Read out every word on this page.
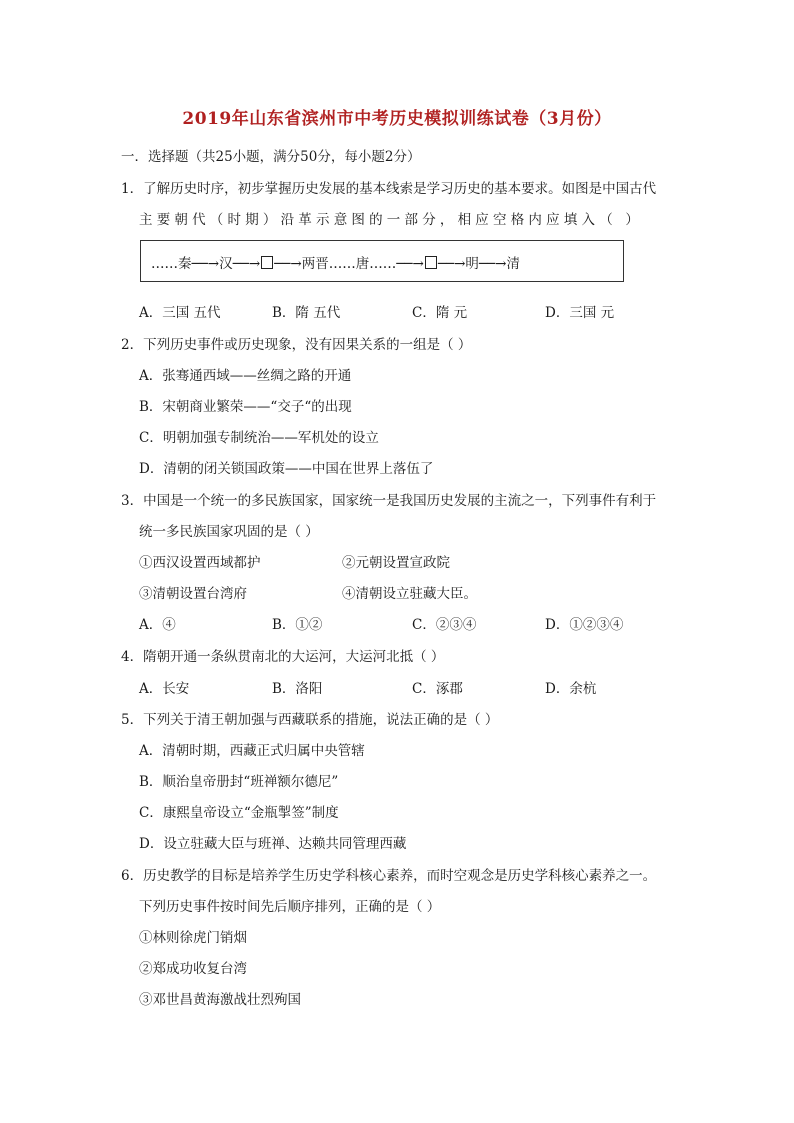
2019年山东省滨州市中考历史模拟训练试卷（3月份）
一．选择题（共25小题，满分50分，每小题2分）
1．了解历史时序，初步掌握历史发展的基本线索是学习历史的基本要求。如图是中国古代
主要朝代（时期）沿革示意图的一部分，相应空格内应填入（ ）
……秦──→汉──→ ──→两晋……唐……──→ ──→明──→清
A．三国 五代	B．隋 五代	C．隋 元	D．三国 元
2．下列历史事件或历史现象，没有因果关系的一组是（ ）
A．张骞通西域——丝绸之路的开通
B．宋朝商业繁荣——“交子“的出现
C．明朝加强专制统治——军机处的设立
D．清朝的闭关锁国政策——中国在世界上落伍了
3．中国是一个统一的多民族国家，国家统一是我国历史发展的主流之一，下列事件有利于
统一多民族国家巩固的是（ ）
①西汉设置西域都护	②元朝设置宣政院
③清朝设置台湾府	④清朝设立驻藏大臣。
A．④	B．①②	C．②③④	D．①②③④
4．隋朝开通一条纵贯南北的大运河，大运河北抵（ ）
A．长安	B．洛阳	C．涿郡	D．余杭
5．下列关于清王朝加强与西藏联系的措施，说法正确的是（ ）
A．清朝时期，西藏正式归属中央管辖
B．顺治皇帝册封“班禅额尔德尼”
C．康熙皇帝设立“金瓶掣签”制度
D．设立驻藏大臣与班禅、达赖共同管理西藏
6．历史教学的目标是培养学生历史学科核心素养，而时空观念是历史学科核心素养之一。
下列历史事件按时间先后顺序排列，正确的是（ ）
①林则徐虎门销烟
②郑成功收复台湾
③邓世昌黄海激战壮烈殉国
